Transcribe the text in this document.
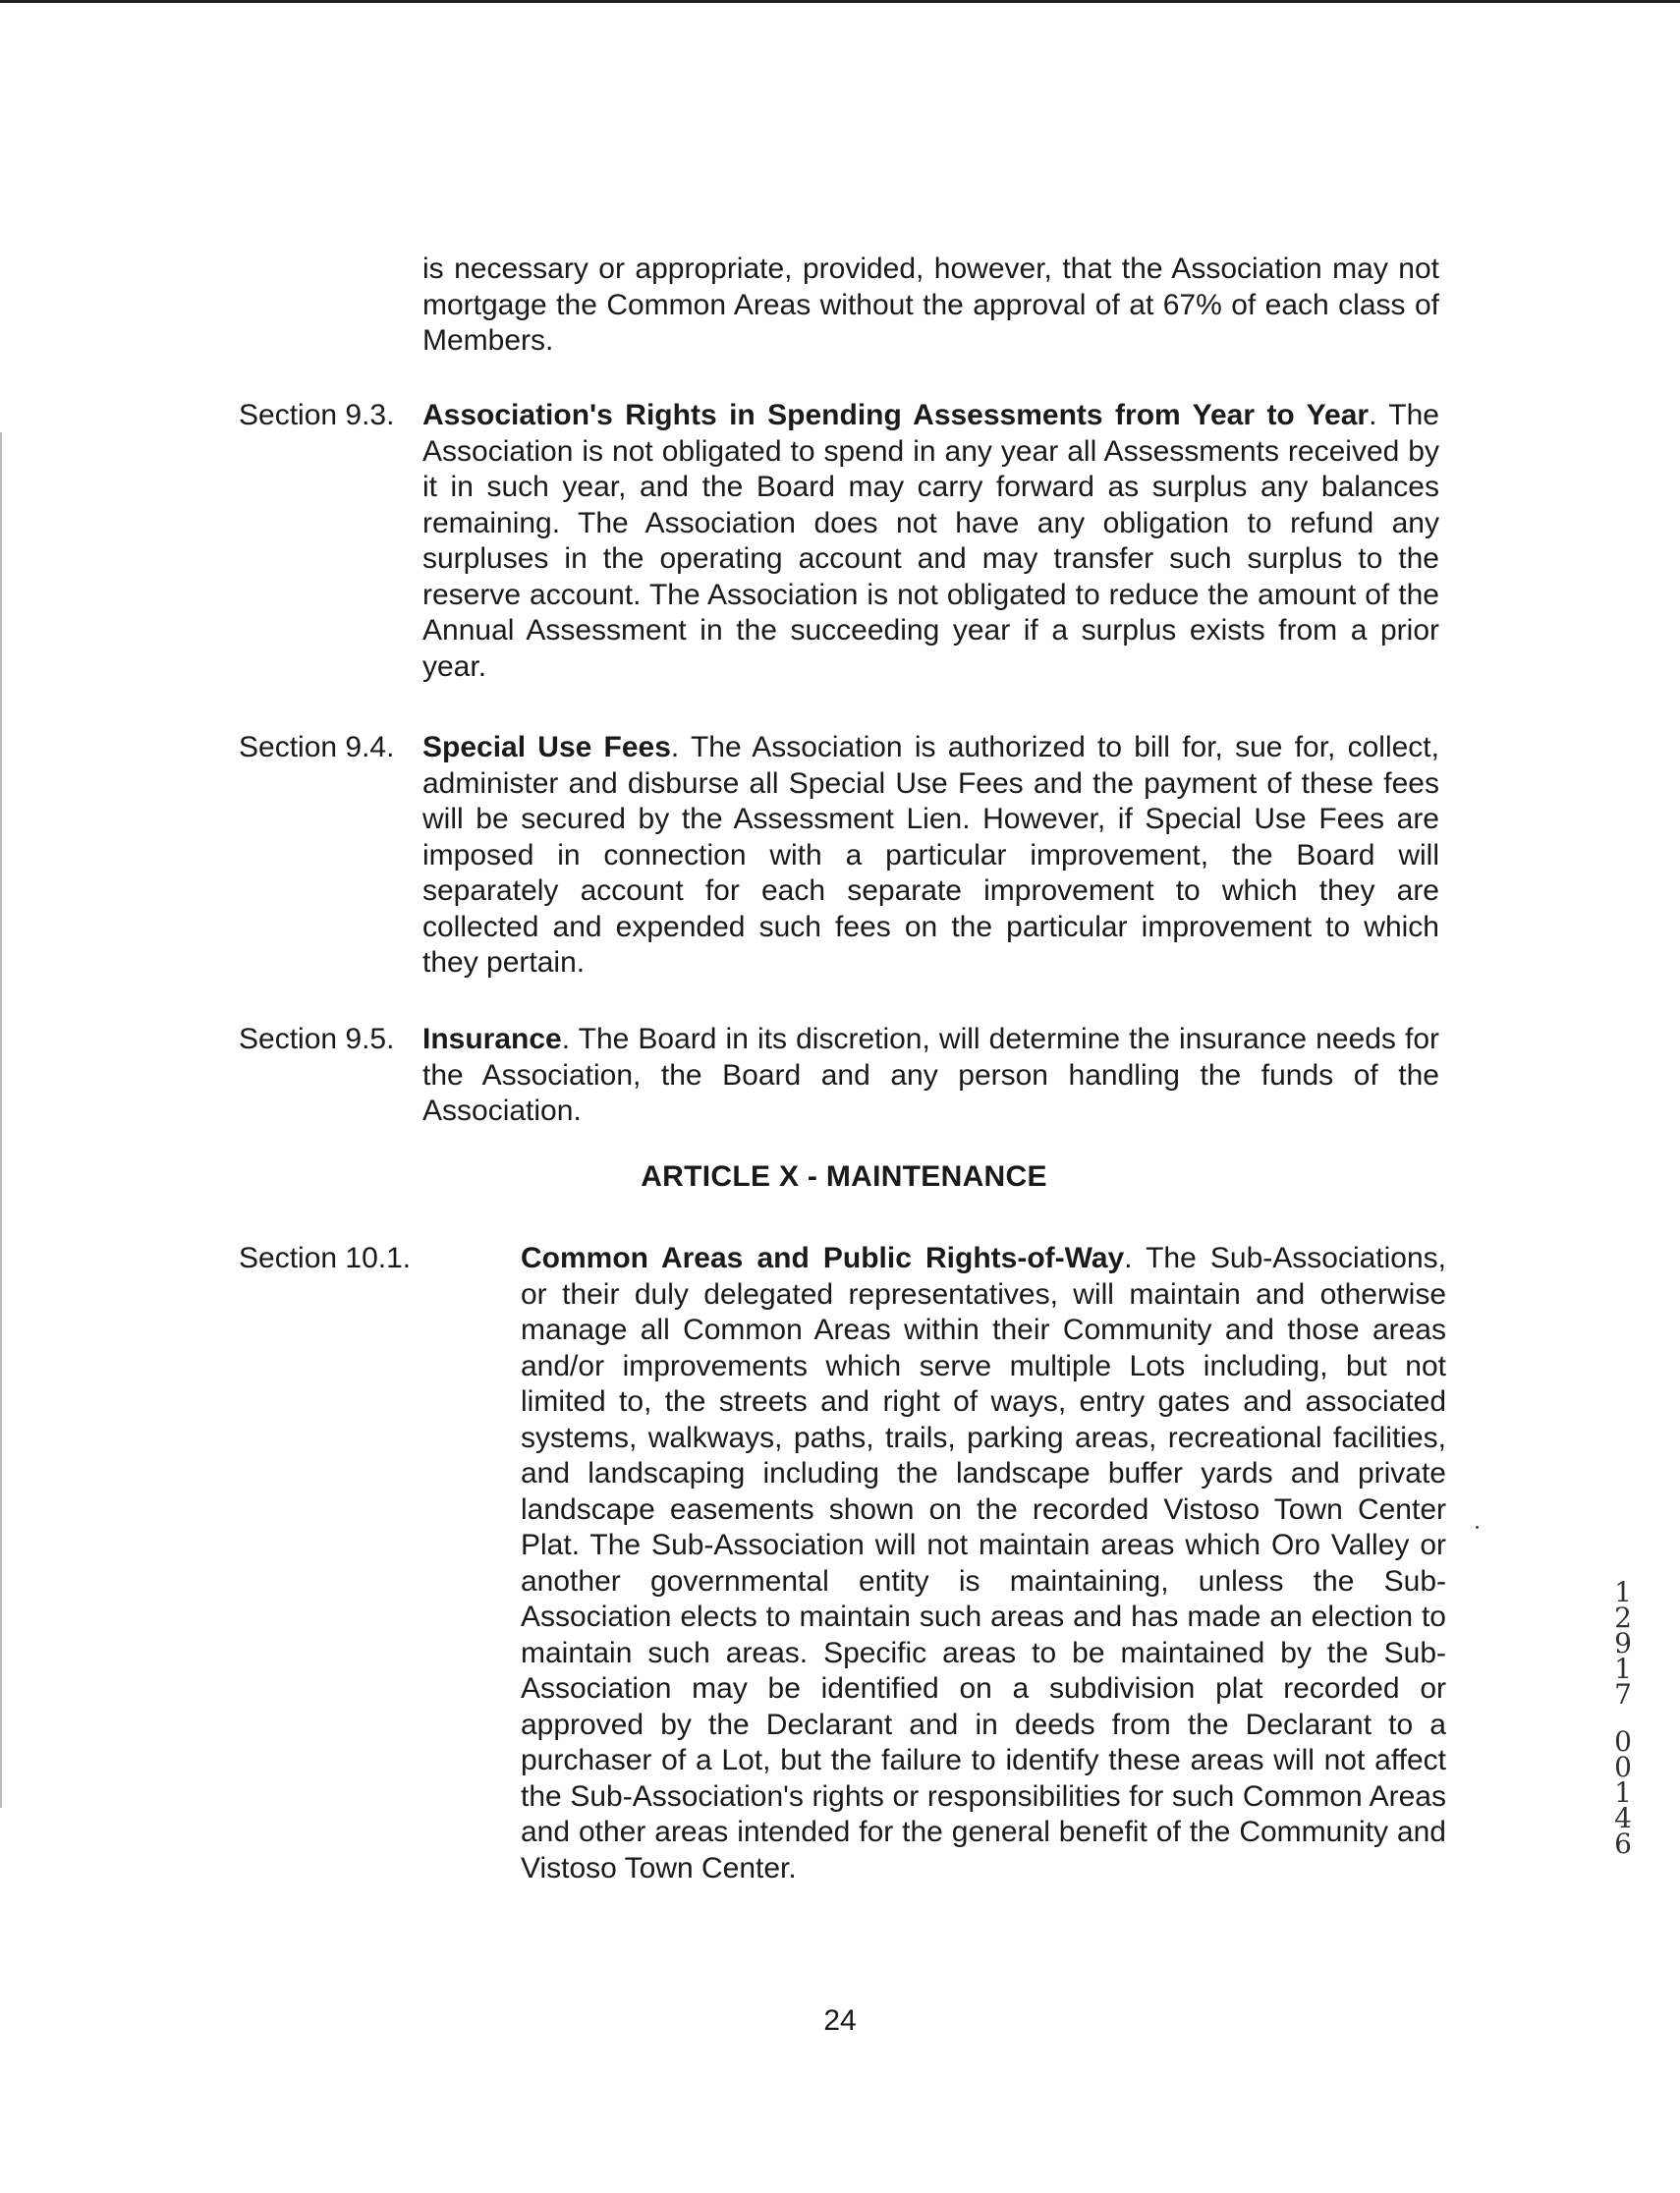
is necessary or appropriate, provided, however, that the Association may not mortgage the Common Areas without the approval of at 67% of each class of Members.

Section 9.3. Association's Rights in Spending Assessments from Year to Year. The Association is not obligated to spend in any year all Assessments received by it in such year, and the Board may carry forward as surplus any balances remaining. The Association does not have any obligation to refund any surpluses in the operating account and may transfer such surplus to the reserve account. The Association is not obligated to reduce the amount of the Annual Assessment in the succeeding year if a surplus exists from a prior year.

Section 9.4. Special Use Fees. The Association is authorized to bill for, sue for, collect, administer and disburse all Special Use Fees and the payment of these fees will be secured by the Assessment Lien. However, if Special Use Fees are imposed in connection with a particular improvement, the Board will separately account for each separate improvement to which they are collected and expended such fees on the particular improvement to which they pertain.

Section 9.5. Insurance. The Board in its discretion, will determine the insurance needs for the Association, the Board and any person handling the funds of the Association.

ARTICLE X - MAINTENANCE
Section 10.1.	Common Areas and Public Rights-of-Way. The Sub-Associations, or their duly delegated representatives, will maintain and otherwise manage all Common Areas within their Community and those areas and/or improvements which serve multiple Lots including, but not limited to, the streets and right of ways, entry gates and associated systems, walkways, paths, trails, parking areas, recreational facilities, and landscaping including the landscape buffer yards and private landscape easements shown on the recorded Vistoso Town Center Plat. The Sub-Association will not maintain areas which Oro Valley or another governmental entity is maintaining, unless the Sub-Association elects to maintain such areas and has made an election to maintain such areas. Specific areas to be maintained by the Sub-Association may be identified on a subdivision plat recorded or approved by the Declarant and in deeds from the Declarant to a purchaser of a Lot, but the failure to identify these areas will not affect the Sub-Association's rights or responsibilities for such Common Areas and other areas intended for the general benefit of the Community and Vistoso Town Center.

1
2
9
1
7
0
0
1
4
6
24
